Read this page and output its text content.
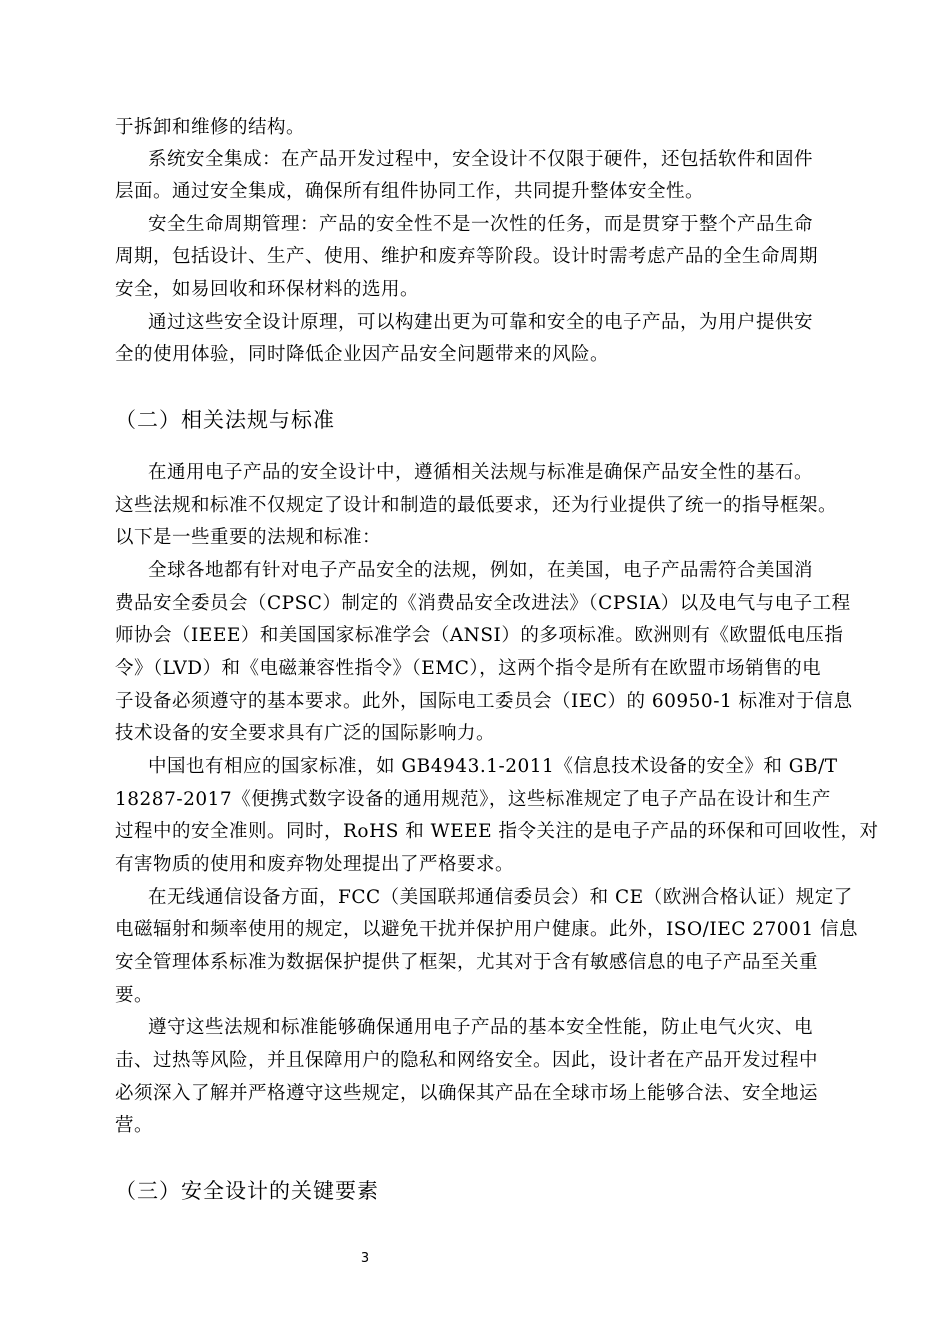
于拆卸和维修的结构。
系统安全集成：在产品开发过程中，安全设计不仅限于硬件，还包括软件和固件
层面。通过安全集成，确保所有组件协同工作，共同提升整体安全性。
安全生命周期管理：产品的安全性不是一次性的任务，而是贯穿于整个产品生命
周期，包括设计、生产、使用、维护和废弃等阶段。设计时需考虑产品的全生命周期
安全，如易回收和环保材料的选用。
通过这些安全设计原理，可以构建出更为可靠和安全的电子产品，为用户提供安
全的使用体验，同时降低企业因产品安全问题带来的风险。
（二）相关法规与标准
在通用电子产品的安全设计中，遵循相关法规与标准是确保产品安全性的基石。
这些法规和标准不仅规定了设计和制造的最低要求，还为行业提供了统一的指导框架。
以下是一些重要的法规和标准：
全球各地都有针对电子产品安全的法规，例如，在美国，电子产品需符合美国消
费品安全委员会（CPSC）制定的《消费品安全改进法》（CPSIA）以及电气与电子工程
师协会（IEEE）和美国国家标准学会（ANSI）的多项标准。欧洲则有《欧盟低电压指
令》（LVD）和《电磁兼容性指令》（EMC），这两个指令是所有在欧盟市场销售的电
子设备必须遵守的基本要求。此外，国际电工委员会（IEC）的 60950-1 标准对于信息
技术设备的安全要求具有广泛的国际影响力。
中国也有相应的国家标准，如 GB4943.1-2011《信息技术设备的安全》和 GB/T
18287-2017《便携式数字设备的通用规范》，这些标准规定了电子产品在设计和生产
过程中的安全准则。同时，RoHS 和 WEEE 指令关注的是电子产品的环保和可回收性，对
有害物质的使用和废弃物处理提出了严格要求。
在无线通信设备方面，FCC（美国联邦通信委员会）和 CE（欧洲合格认证）规定了
电磁辐射和频率使用的规定，以避免干扰并保护用户健康。此外，ISO/IEC 27001 信息
安全管理体系标准为数据保护提供了框架，尤其对于含有敏感信息的电子产品至关重
要。
遵守这些法规和标准能够确保通用电子产品的基本安全性能，防止电气火灾、电
击、过热等风险，并且保障用户的隐私和网络安全。因此，设计者在产品开发过程中
必须深入了解并严格遵守这些规定，以确保其产品在全球市场上能够合法、安全地运
营。
（三）安全设计的关键要素
3
